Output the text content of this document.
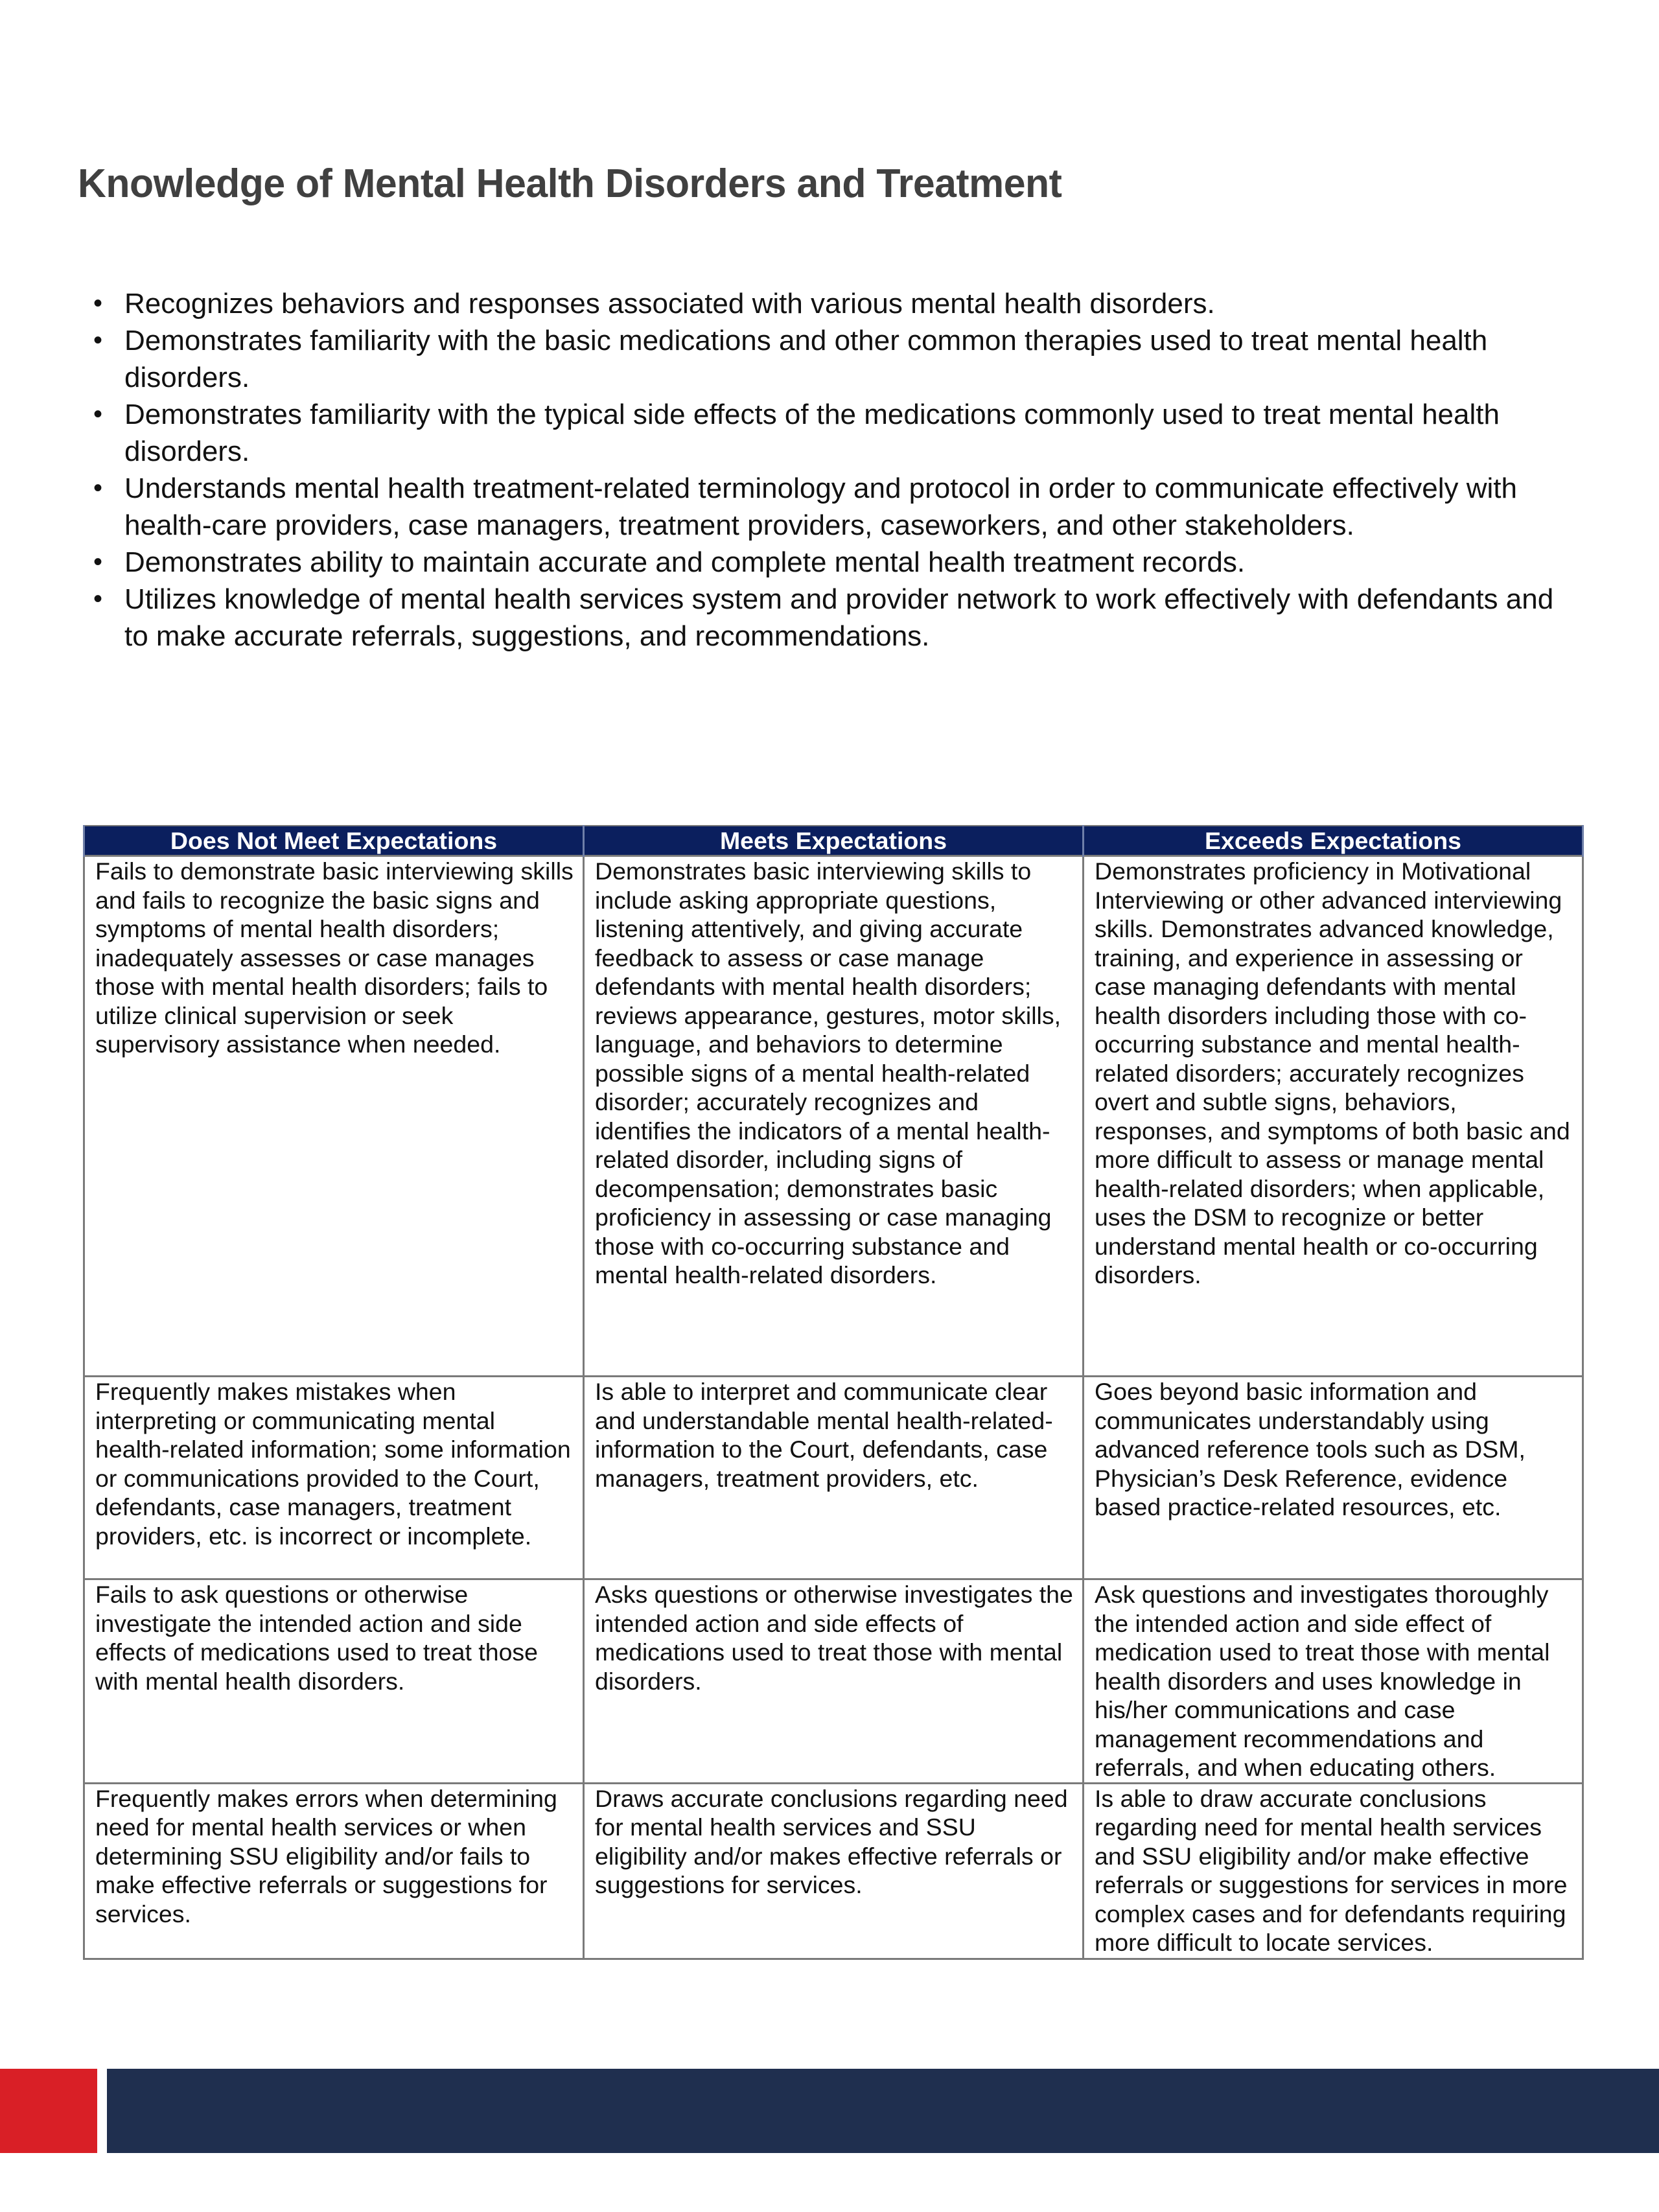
Knowledge of Mental Health Disorders and Treatment
• Recognizes behaviors and responses associated with various mental health disorders.
• Demonstrates familiarity with the basic medications and other common therapies used to treat mental health disorders.
• Demonstrates familiarity with the typical side effects of the medications commonly used to treat mental health disorders.
• Understands mental health treatment-related terminology and protocol in order to communicate effectively with health-care providers, case managers, treatment providers, caseworkers, and other stakeholders.
• Demonstrates ability to maintain accurate and complete mental health treatment records.
• Utilizes knowledge of mental health services system and provider network to work effectively with defendants and to make accurate referrals, suggestions, and recommendations.
Does Not Meet Expectations	Meets Expectations	Exceeds Expectations
Fails to demonstrate basic interviewing skills and fails to recognize the basic signs and symptoms of mental health disorders; inadequately assesses or case manages those with mental health disorders; fails to utilize clinical supervision or seek supervisory assistance when needed.	Demonstrates basic interviewing skills to include asking appropriate questions, listening attentively, and giving accurate feedback to assess or case manage defendants with mental health disorders; reviews appearance, gestures, motor skills, language, and behaviors to determine possible signs of a mental health-related disorder; accurately recognizes and identifies the indicators of a mental health-related disorder, including signs of decompensation; demonstrates basic proficiency in assessing or case managing those with co-occurring substance and mental health-related disorders.	Demonstrates proficiency in Motivational Interviewing or other advanced interviewing skills. Demonstrates advanced knowledge, training, and experience in assessing or case managing defendants with mental health disorders including those with co-occurring substance and mental health-related disorders; accurately recognizes overt and subtle signs, behaviors, responses, and symptoms of both basic and more difficult to assess or manage mental health-related disorders; when applicable, uses the DSM to recognize or better understand mental health or co-occurring disorders.
Frequently makes mistakes when interpreting or communicating mental health-related information; some information or communications provided to the Court, defendants, case managers, treatment providers, etc. is incorrect or incomplete.	Is able to interpret and communicate clear and understandable mental health-related-information to the Court, defendants, case managers, treatment providers, etc.	Goes beyond basic information and communicates understandably using advanced reference tools such as DSM, Physician’s Desk Reference, evidence based practice-related resources, etc.
Fails to ask questions or otherwise investigate the intended action and side effects of medications used to treat those with mental health disorders.	Asks questions or otherwise investigates the intended action and side effects of medications used to treat those with mental disorders.	Ask questions and investigates thoroughly the intended action and side effect of medication used to treat those with mental health disorders and uses knowledge in his/her communications and case management recommendations and referrals, and when educating others.
Frequently makes errors when determining need for mental health services or when determining SSU eligibility and/or fails to make effective referrals or suggestions for services.	Draws accurate conclusions regarding need for mental health services and SSU eligibility and/or makes effective referrals or suggestions for services.	Is able to draw accurate conclusions regarding need for mental health services and SSU eligibility and/or make effective referrals or suggestions for services in more complex cases and for defendants requiring more difficult to locate services.
